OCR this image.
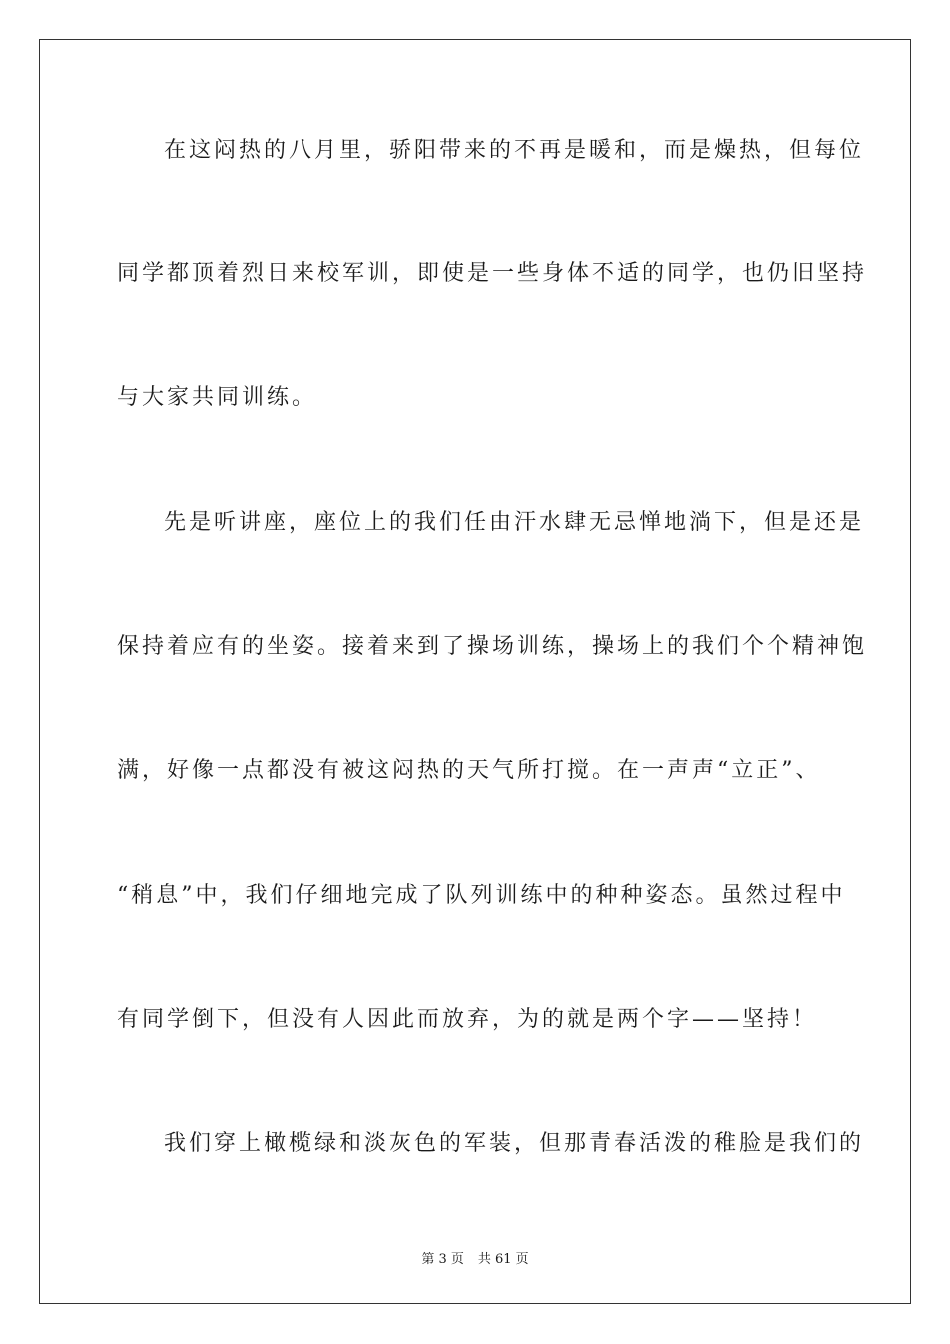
在这闷热的八月里，骄阳带来的不再是暖和，而是燥热，但每位
同学都顶着烈日来校军训，即使是一些身体不适的同学，也仍旧坚持
与大家共同训练。
先是听讲座，座位上的我们任由汗水肆无忌惮地淌下，但是还是
保持着应有的坐姿。接着来到了操场训练，操场上的我们个个精神饱
满，好像一点都没有被这闷热的天气所打搅。在一声声“立正”、
“稍息”中，我们仔细地完成了队列训练中的种种姿态。虽然过程中
有同学倒下，但没有人因此而放弃，为的就是两个字——坚持！
我们穿上橄榄绿和淡灰色的军装，但那青春活泼的稚脸是我们的
第 3 页 共 61 页
